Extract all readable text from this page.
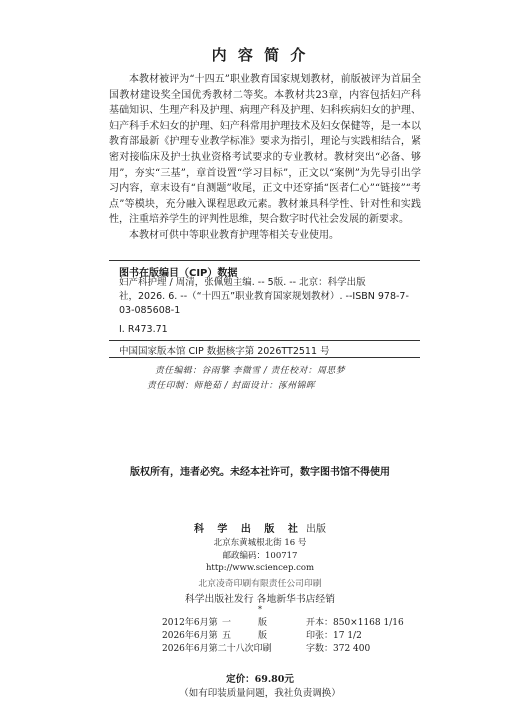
内 容 简 介

本教材被评为“十四五”职业教育国家规划教材，前版被评为首届全国教材建设奖全国优秀教材二等奖。本教材共23章，内容包括妇产科基础知识、生理产科及护理、病理产科及护理、妇科疾病妇女的护理、妇产科手术妇女的护理、妇产科常用护理技术及妇女保健等，是一本以教育部最新《护理专业教学标准》要求为指引，理论与实践相结合，紧密对接临床及护士执业资格考试要求的专业教材。教材突出“必备、够用”，夯实“三基”，章首设置“学习目标”，正文以“案例”为先导引出学习内容，章末设有“自测题”收尾，正文中还穿插“医者仁心”“链接”“考点”等模块，充分融入课程思政元素。教材兼具科学性、针对性和实践性，注重培养学生的评判性思维，契合数字时代社会发展的新要求。

本教材可供中等职业教育护理等相关专业使用。

图书在版编目（CIP）数据
妇产科护理 / 周清，张佩勉主编. -- 5版. -- 北京：科学出版
社，2026. 6. --（“十四五”职业教育国家规划教材）. --ISBN 978-7-
03-085608-1
Ⅰ. R473.71
中国国家版本馆 CIP 数据核字第 2026TT2511 号
责任编辑：谷雨擎 李微雪 / 责任校对：周思梦
责任印制：师艳茹 / 封面设计：涿州锦晖
版权所有，违者必究。未经本社许可，数字图书馆不得使用
科 学 出 版 社 出版
北京东黄城根北街 16 号
邮政编码：100717
http://www.sciencep.com
北京凌奇印刷有限责任公司印刷
科学出版社发行 各地新华书店经销
*
2012年6月第 一	版	开本：850×1168 1/16
2026年6月第 五	版	印张：17 1/2
2026年6月第二十八次印刷	字数：372 400
定价：69.80元
（如有印装质量问题，我社负责调换）
